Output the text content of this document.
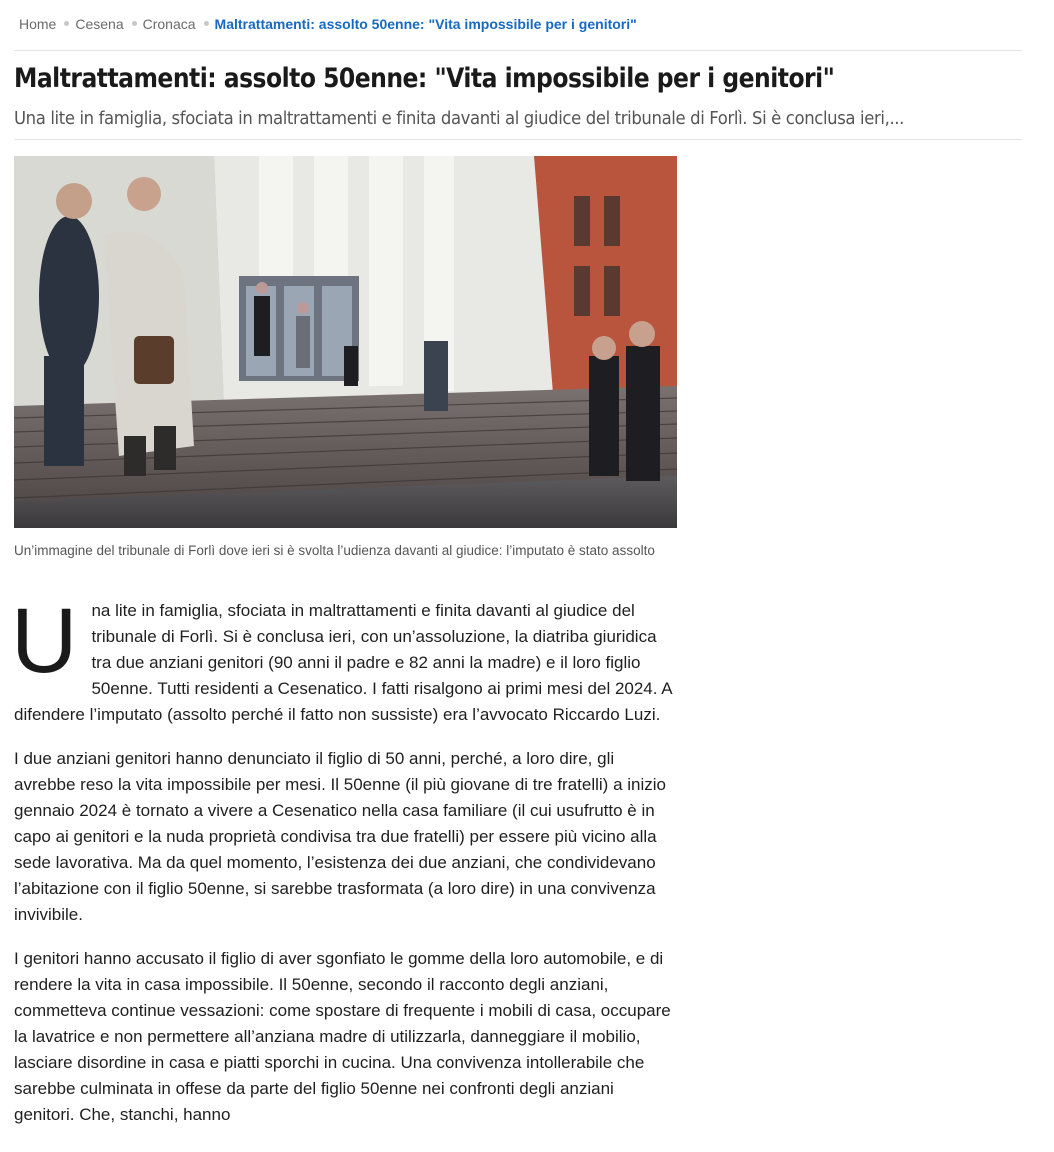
Home Cesena Cronaca Maltrattamenti: assolto 50enne: "Vita impossibile per i genitori"
Maltrattamenti: assolto 50enne: "Vita impossibile per i genitori"

Una lite in famiglia, sfociata in maltrattamenti e finita davanti al giudice del tribunale di Forlì. Si è conclusa ieri,...

Un’immagine del tribunale di Forlì dove ieri si è svolta l’udienza davanti al giudice: l’imputato è stato assolto

Una lite in famiglia, sfociata in maltrattamenti e finita davanti al giudice del tribunale di Forlì. Si è conclusa ieri, con un’assoluzione, la diatriba giuridica tra due anziani genitori (90 anni il padre e 82 anni la madre) e il loro figlio 50enne. Tutti residenti a Cesenatico. I fatti risalgono ai primi mesi del 2024. A difendere l’imputato (assolto perché il fatto non sussiste) era l’avvocato Riccardo Luzi.

I due anziani genitori hanno denunciato il figlio di 50 anni, perché, a loro dire, gli avrebbe reso la vita impossibile per mesi. Il 50enne (il più giovane di tre fratelli) a inizio gennaio 2024 è tornato a vivere a Cesenatico nella casa familiare (il cui usufrutto è in capo ai genitori e la nuda proprietà condivisa tra due fratelli) per essere più vicino alla sede lavorativa. Ma da quel momento, l’esistenza dei due anziani, che condividevano l’abitazione con il figlio 50enne, si sarebbe trasformata (a loro dire) in una convivenza invivibile.

I genitori hanno accusato il figlio di aver sgonfiato le gomme della loro automobile, e di rendere la vita in casa impossibile. Il 50enne, secondo il racconto degli anziani, commetteva continue vessazioni: come spostare di frequente i mobili di casa, occupare la lavatrice e non permettere all’anziana madre di utilizzarla, danneggiare il mobilio, lasciare disordine in casa e piatti sporchi in cucina. Una convivenza intollerabile che sarebbe culminata in offese da parte del figlio 50enne nei confronti degli anziani genitori. Che, stanchi, hanno
